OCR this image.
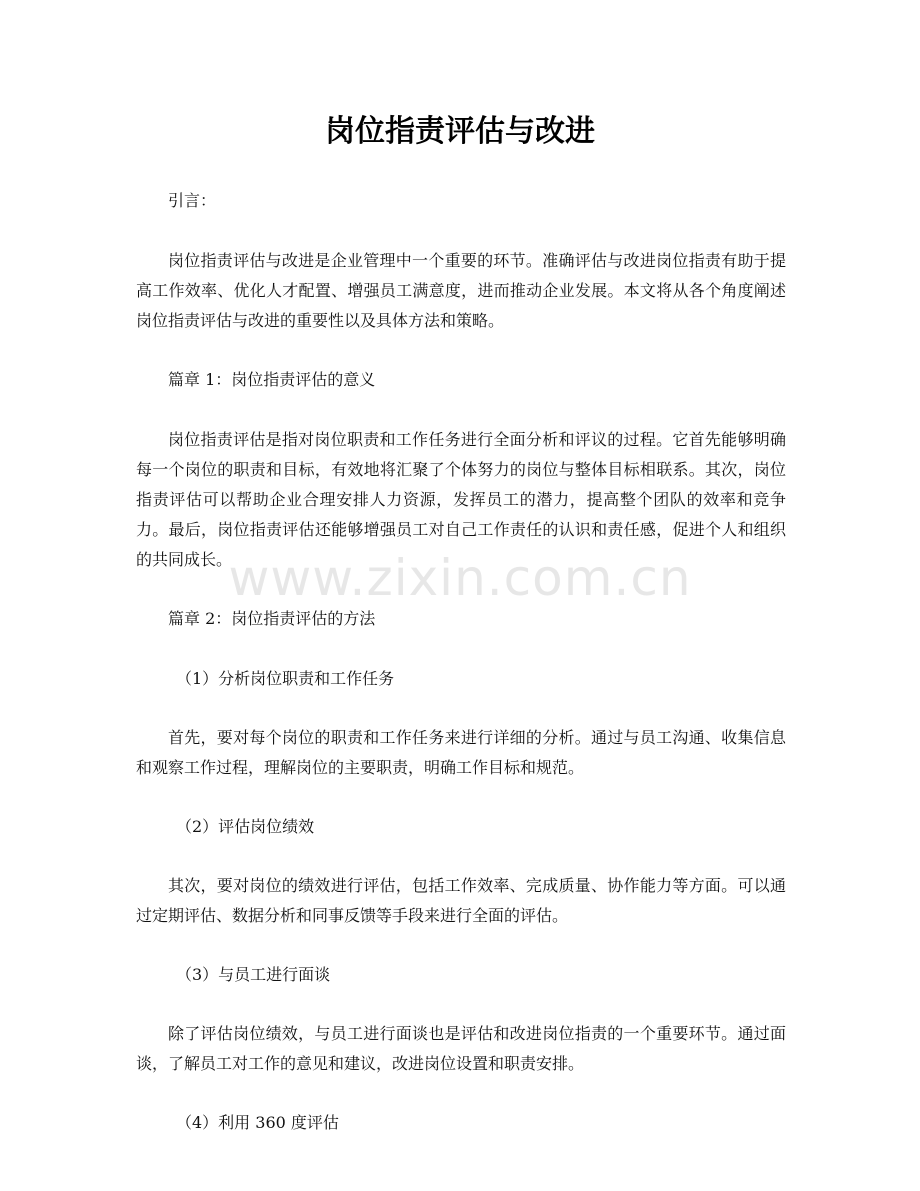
岗位指责评估与改进

引言：

岗位指责评估与改进是企业管理中一个重要的环节。准确评估与改进岗位指责有助于提高工作效率、优化人才配置、增强员工满意度，进而推动企业发展。本文将从各个角度阐述岗位指责评估与改进的重要性以及具体方法和策略。

篇章 1：岗位指责评估的意义

岗位指责评估是指对岗位职责和工作任务进行全面分析和评议的过程。它首先能够明确每一个岗位的职责和目标，有效地将汇聚了个体努力的岗位与整体目标相联系。其次，岗位指责评估可以帮助企业合理安排人力资源，发挥员工的潜力，提高整个团队的效率和竞争力。最后，岗位指责评估还能够增强员工对自己工作责任的认识和责任感，促进个人和组织的共同成长。

篇章 2：岗位指责评估的方法

（1）分析岗位职责和工作任务

首先，要对每个岗位的职责和工作任务来进行详细的分析。通过与员工沟通、收集信息和观察工作过程，理解岗位的主要职责，明确工作目标和规范。

（2）评估岗位绩效

其次，要对岗位的绩效进行评估，包括工作效率、完成质量、协作能力等方面。可以通过定期评估、数据分析和同事反馈等手段来进行全面的评估。

（3）与员工进行面谈

除了评估岗位绩效，与员工进行面谈也是评估和改进岗位指责的一个重要环节。通过面谈，了解员工对工作的意见和建议，改进岗位设置和职责安排。

（4）利用 360 度评估

www.zixin.com.cn
